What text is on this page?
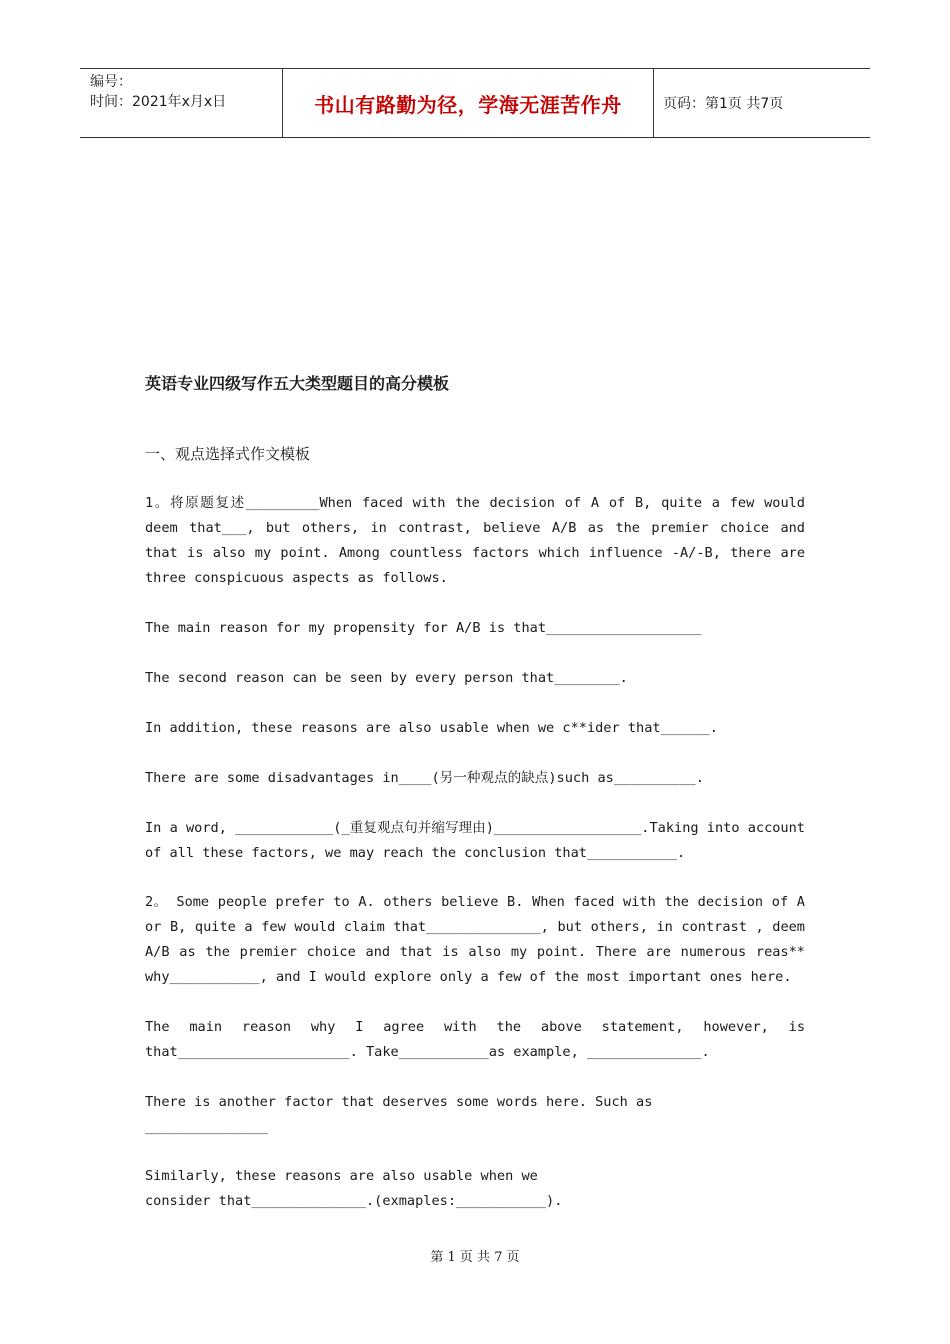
编号：
时间：2021年x月x日	书山有路勤为径，学海无涯苦作舟	页码：第1页 共7页
英语专业四级写作五大类型题目的高分模板
一、观点选择式作文模板
1。将原题复述_________When faced with the decision of A of B, quite a few would deem that___, but others, in contrast, believe A/B as the premier choice and that is also my point. Among countless factors which influence -A/-B, there are three conspicuous aspects as follows.
The main reason for my propensity for A/B is that___________________
The second reason can be seen by every person that________.
In addition, these reasons are also usable when we c**ider that______.
There are some disadvantages in____(另一种观点的缺点)such as__________.
In a word, ____________(_重复观点句并缩写理由)__________________.Taking into account of all these factors, we may reach the conclusion that___________.
2。 Some people prefer to A. others believe B. When faced with the decision of A or B, quite a few would claim that______________, but others, in contrast , deem A/B as the premier choice and that is also my point. There are numerous reas** why___________, and I would explore only a few of the most important ones here.
The main reason why I agree with the above statement, however, is that_____________________. Take___________as example, ______________.
There is another factor that deserves some words here. Such as
_______________
Similarly, these reasons are also usable when we
consider that______________.(exmaples:___________).
第 1 页 共 7 页
